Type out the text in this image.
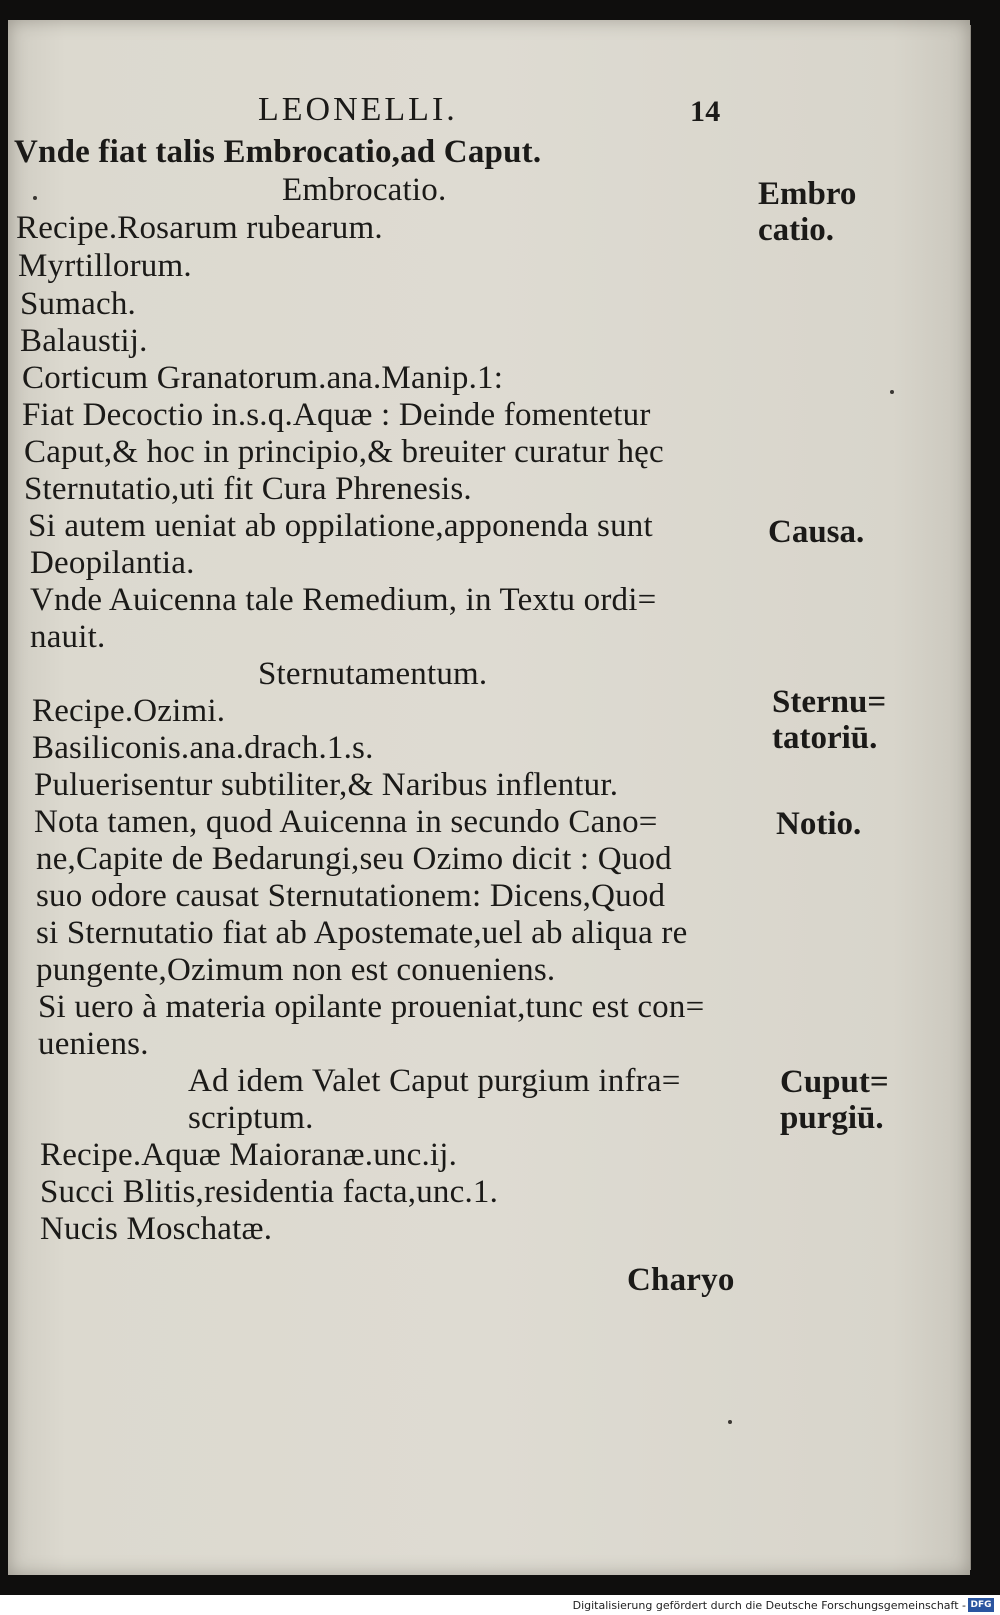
LEONELLI.	14
Vnde fiat talis Embrocatio,ad Caput.
Embrocatio.
Recipe.Rosarum rubearum.
Myrtillorum.
Sumach.
Balaustij.
Corticum Granatorum.ana.Manip.1:
Fiat Decoctio in.s.q.Aquæ : Deinde fomentetur
Caput,& hoc in principio,& breuiter curatur hęc
Sternutatio,uti fit Cura Phrenesis.
Si autem ueniat ab oppilatione,apponenda sunt
Deopilantia.
Vnde Auicenna tale Remedium, in Textu ordi=
nauit.
Sternutamentum.
Recipe.Ozimi.
Basiliconis.ana.drach.1.s.
Puluerisentur subtiliter,& Naribus inflentur.
Nota tamen, quod Auicenna in secundo Cano=
ne,Capite de Bedarungi,seu Ozimo dicit : Quod
suo odore causat Sternutationem: Dicens,Quod
si Sternutatio fiat ab Apostemate,uel ab aliqua re
pungente,Ozimum non est conueniens.
Si uero à materia opilante proueniat,tunc est con=
ueniens.
Ad idem Valet Caput purgium infra=
scriptum.
Recipe.Aquæ Maioranæ.unc.ij.
Succi Blitis,residentia facta,unc.1.
Nucis Moschatæ.
Charyo
Embro
catio.
Causa.
Sternu=
tatoriū.
Notio.
Cuput=
purgiū.
Digitalisierung gefördert durch die Deutsche Forschungsgemeinschaft - DFG
